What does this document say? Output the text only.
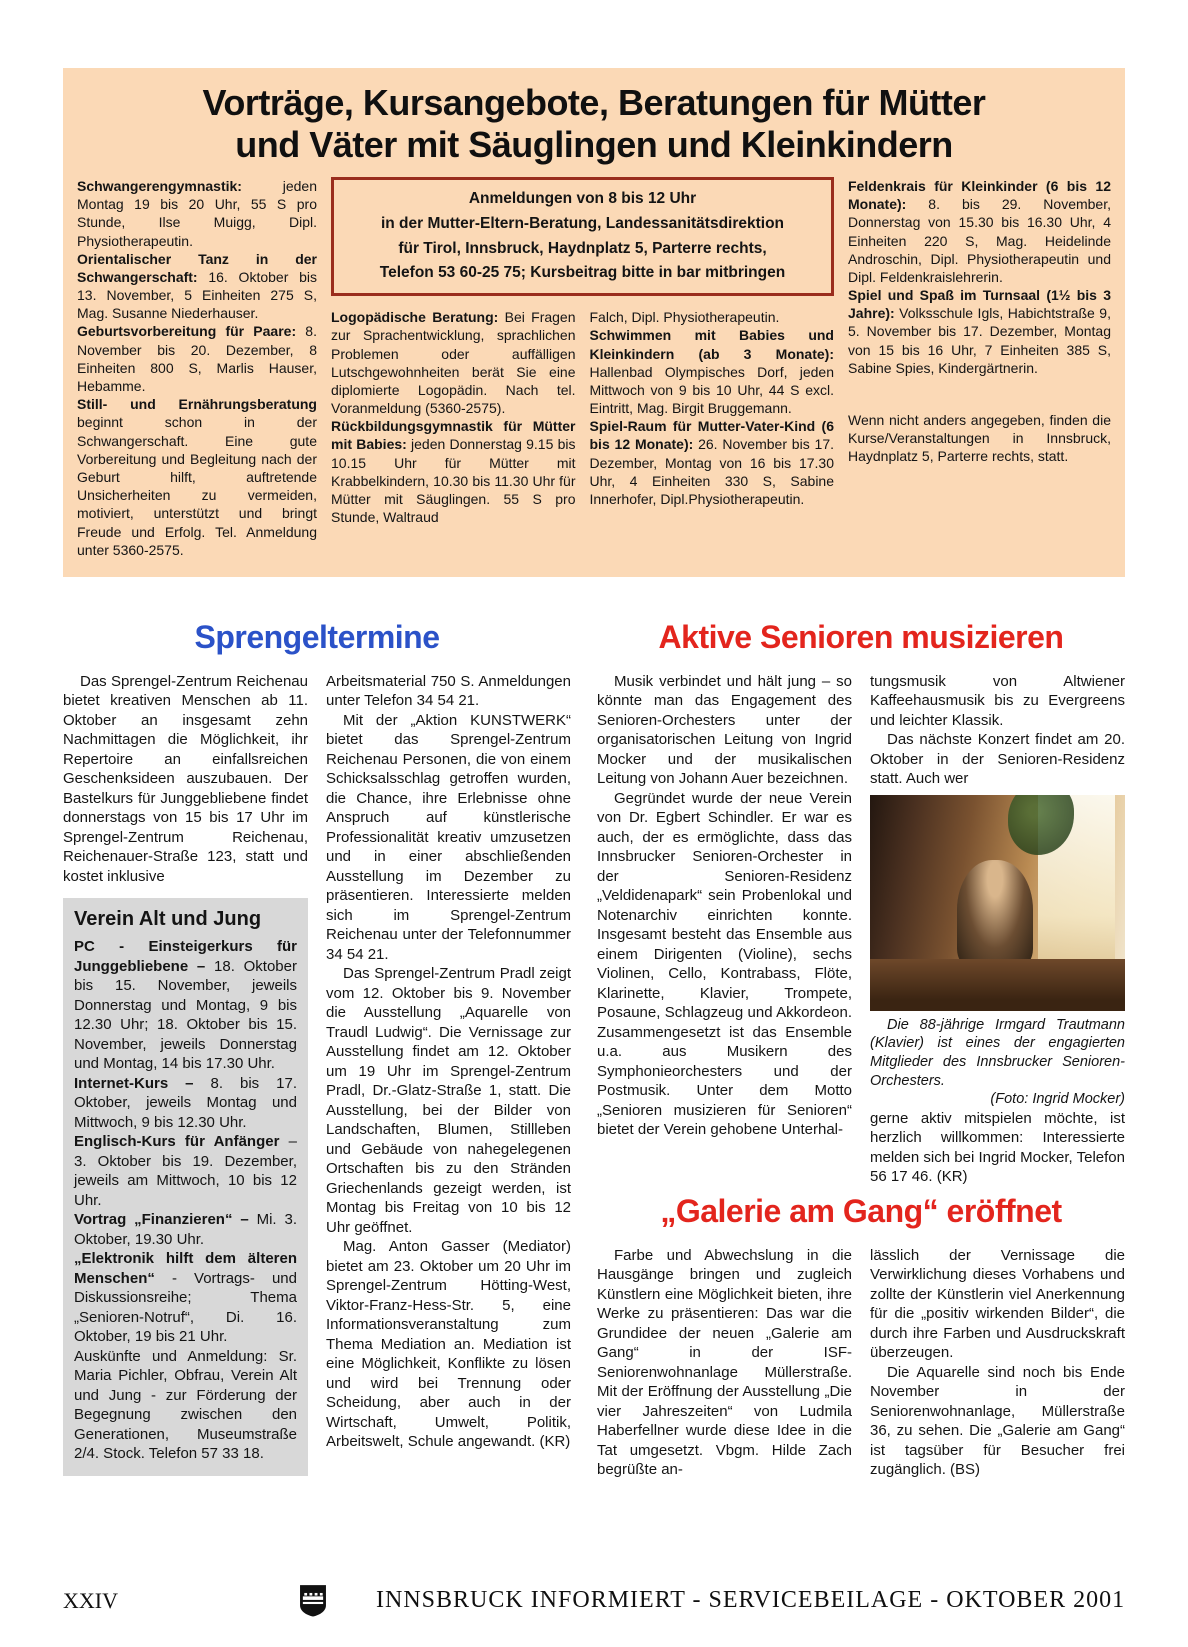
Vorträge, Kursangebote, Beratungen für Mütter
und Väter mit Säuglingen und Kleinkindern

Schwangerengymnastik: jeden Montag 19 bis 20 Uhr, 55 S pro Stunde, Ilse Muigg, Dipl. Physiotherapeutin.

Orientalischer Tanz in der Schwangerschaft: 16. Oktober bis 13. November, 5 Einheiten 275 S, Mag. Susanne Niederhauser.

Geburtsvorbereitung für Paare: 8. November bis 20. Dezember, 8 Einheiten 800 S, Marlis Hauser, Hebamme.

Still- und Ernährungsberatung beginnt schon in der Schwangerschaft. Eine gute Vorbereitung und Begleitung nach der Geburt hilft, auftretende Unsicherheiten zu vermeiden, motiviert, unterstützt und bringt Freude und Erfolg. Tel. Anmeldung unter 5360-2575.

Anmeldungen von 8 bis 12 Uhr

in der Mutter-Eltern-Beratung, Landessanitätsdirektion

für Tirol, Innsbruck, Haydnplatz 5, Parterre rechts,

Telefon 53 60-25 75; Kursbeitrag bitte in bar mitbringen

Logopädische Beratung: Bei Fragen zur Sprachentwicklung, sprachlichen Problemen oder auffälligen Lutschgewohnheiten berät Sie eine diplomierte Logopädin. Nach tel. Voranmeldung (5360-2575).

Rückbildungsgymnastik für Mütter mit Babies: jeden Donnerstag 9.15 bis 10.15 Uhr für Mütter mit Krabbelkindern, 10.30 bis 11.30 Uhr für Mütter mit Säuglingen. 55 S pro Stunde, Waltraud

Falch, Dipl. Physiotherapeutin.

Schwimmen mit Babies und Kleinkindern (ab 3 Monate): Hallenbad Olympisches Dorf, jeden Mittwoch von 9 bis 10 Uhr, 44 S excl. Eintritt, Mag. Birgit Bruggemann.

Spiel-Raum für Mutter-Vater-Kind (6 bis 12 Monate): 26. November bis 17. Dezember, Montag von 16 bis 17.30 Uhr, 4 Einheiten 330 S, Sabine Innerhofer, Dipl.Physiotherapeutin.

Feldenkrais für Kleinkinder (6 bis 12 Monate): 8. bis 29. November, Donnerstag von 15.30 bis 16.30 Uhr, 4 Einheiten 220 S, Mag. Heidelinde Androschin, Dipl. Physiotherapeutin und Dipl. Feldenkraislehrerin.

Spiel und Spaß im Turnsaal (1½ bis 3 Jahre): Volksschule Igls, Habichtstraße 9, 5. November bis 17. Dezember, Montag von 15 bis 16 Uhr, 7 Einheiten 385 S, Sabine Spies, Kindergärtnerin.

Wenn nicht anders angegeben, finden die Kurse/Veranstaltungen in Innsbruck, Haydnplatz 5, Parterre rechts, statt.

Sprengeltermine

Das Sprengel-Zentrum Reichenau bietet kreativen Menschen ab 11. Oktober an insgesamt zehn Nachmittagen die Möglichkeit, ihr Repertoire an einfallsreichen Geschenksideen auszubauen. Der Bastelkurs für Junggebliebene findet donnerstags von 15 bis 17 Uhr im Sprengel-Zentrum Reichenau, Reichenauer-Straße 123, statt und kostet inklusive

Verein Alt und Jung

PC - Einsteigerkurs für Junggebliebene – 18. Oktober bis 15. November, jeweils Donnerstag und Montag, 9 bis 12.30 Uhr; 18. Oktober bis 15. November, jeweils Donnerstag und Montag, 14 bis 17.30 Uhr.

Internet-Kurs – 8. bis 17. Oktober, jeweils Montag und Mittwoch, 9 bis 12.30 Uhr.

Englisch-Kurs für Anfänger – 3. Oktober bis 19. Dezember, jeweils am Mittwoch, 10 bis 12 Uhr.

Vortrag „Finanzieren“ – Mi. 3. Oktober, 19.30 Uhr.

„Elektronik hilft dem älteren Menschen“ - Vortrags- und Diskussionsreihe; Thema „Senioren-Notruf“, Di. 16. Oktober, 19 bis 21 Uhr.

Auskünfte und Anmeldung: Sr. Maria Pichler, Obfrau, Verein Alt und Jung - zur Förderung der Begegnung zwischen den Generationen, Museumstraße 2/4. Stock. Telefon 57 33 18.

Arbeitsmaterial 750 S. Anmeldungen unter Telefon 34 54 21.

Mit der „Aktion KUNSTWERK“ bietet das Sprengel-Zentrum Reichenau Personen, die von einem Schicksalsschlag getroffen wurden, die Chance, ihre Erlebnisse ohne Anspruch auf künstlerische Professionalität kreativ umzusetzen und in einer abschließenden Ausstellung im Dezember zu präsentieren. Interessierte melden sich im Sprengel-Zentrum Reichenau unter der Telefonnummer 34 54 21.

Das Sprengel-Zentrum Pradl zeigt vom 12. Oktober bis 9. November die Ausstellung „Aquarelle von Traudl Ludwig“. Die Vernissage zur Ausstellung findet am 12. Oktober um 19 Uhr im Sprengel-Zentrum Pradl, Dr.-Glatz-Straße 1, statt. Die Ausstellung, bei der Bilder von Landschaften, Blumen, Stillleben und Gebäude von nahegelegenen Ortschaften bis zu den Stränden Griechenlands gezeigt werden, ist Montag bis Freitag von 10 bis 12 Uhr geöffnet.

Mag. Anton Gasser (Mediator) bietet am 23. Oktober um 20 Uhr im Sprengel-Zentrum Hötting-West, Viktor-Franz-Hess-Str. 5, eine Informationsveranstaltung zum Thema Mediation an. Mediation ist eine Möglichkeit, Konflikte zu lösen und wird bei Trennung oder Scheidung, aber auch in der Wirtschaft, Umwelt, Politik, Arbeitswelt, Schule angewandt. (KR)

Aktive Senioren musizieren

Musik verbindet und hält jung – so könnte man das Engagement des Senioren-Orchesters unter der organisatorischen Leitung von Ingrid Mocker und der musikalischen Leitung von Johann Auer bezeichnen.

Gegründet wurde der neue Verein von Dr. Egbert Schindler. Er war es auch, der es ermöglichte, dass das Innsbrucker Senioren-Orchester in der Senioren-Residenz „Veldidenapark“ sein Probenlokal und Notenarchiv einrichten konnte. Insgesamt besteht das Ensemble aus einem Dirigenten (Violine), sechs Violinen, Cello, Kontrabass, Flöte, Klarinette, Klavier, Trompete, Posaune, Schlagzeug und Akkordeon. Zusammengesetzt ist das Ensemble u.a. aus Musikern des Symphonieorchesters und der Postmusik. Unter dem Motto „Senioren musizieren für Senioren“ bietet der Verein gehobene Unterhal-

tungsmusik von Altwiener Kaffeehausmusik bis zu Evergreens und leichter Klassik.

Das nächste Konzert findet am 20. Oktober in der Senioren-Residenz statt. Auch wer

Die 88-jährige Irmgard Trautmann (Klavier) ist eines der engagierten Mitglieder des Innsbrucker Senioren-Orchesters.
(Foto: Ingrid Mocker)

gerne aktiv mitspielen möchte, ist herzlich willkommen: Interessierte melden sich bei Ingrid Mocker, Telefon 56 17 46. (KR)

„Galerie am Gang“ eröffnet

Farbe und Abwechslung in die Hausgänge bringen und zugleich Künstlern eine Möglichkeit bieten, ihre Werke zu präsentieren: Das war die Grundidee der neuen „Galerie am Gang“ in der ISF-Seniorenwohnanlage Müllerstraße. Mit der Eröffnung der Ausstellung „Die vier Jahreszeiten“ von Ludmila Haberfellner wurde diese Idee in die Tat umgesetzt. Vbgm. Hilde Zach begrüßte an-

lässlich der Vernissage die Verwirklichung dieses Vorhabens und zollte der Künstlerin viel Anerkennung für die „positiv wirkenden Bilder“, die durch ihre Farben und Ausdruckskraft überzeugen.

Die Aquarelle sind noch bis Ende November in der Seniorenwohnanlage, Müllerstraße 36, zu sehen. Die „Galerie am Gang“ ist tagsüber für Besucher frei zugänglich. (BS)

XXIV	INNSBRUCK INFORMIERT - SERVICEBEILAGE - OKTOBER 2001
